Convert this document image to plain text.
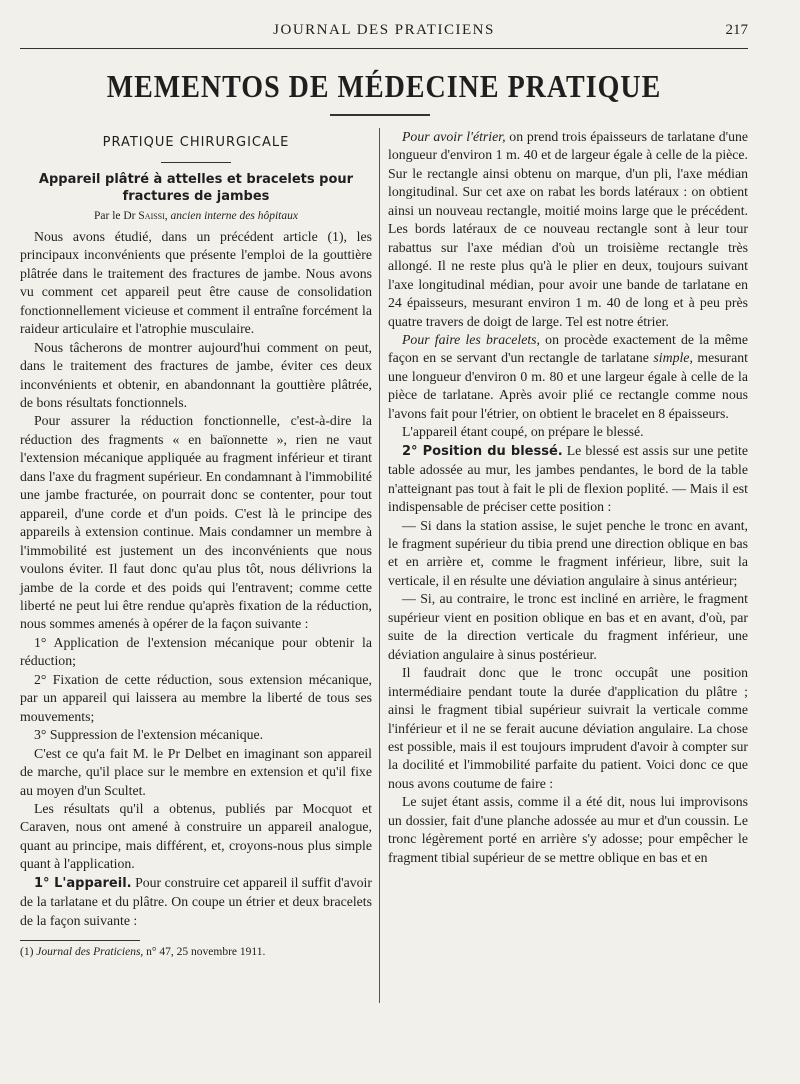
JOURNAL DES PRATICIENS	217
MEMENTOS DE MÉDECINE PRATIQUE
PRATIQUE CHIRURGICALE
Appareil plâtré à attelles et bracelets pour fractures de jambes
Par le Dr Saissi, ancien interne des hôpitaux

Nous avons étudié, dans un précédent article (1), les principaux inconvénients que présente l'emploi de la gouttière plâtrée dans le traitement des fractures de jambe. Nous avons vu comment cet appareil peut être cause de consolidation fonctionnellement vicieuse et comment il entraîne forcément la raideur articulaire et l'atrophie musculaire.

Nous tâcherons de montrer aujourd'hui comment on peut, dans le traitement des fractures de jambe, éviter ces deux inconvénients et obtenir, en abandonnant la gouttière plâtrée, de bons résultats fonctionnels.

Pour assurer la réduction fonctionnelle, c'est-à-dire la réduction des fragments « en baïonnette », rien ne vaut l'extension mécanique appliquée au fragment inférieur et tirant dans l'axe du fragment supérieur. En condamnant à l'immobilité une jambe fracturée, on pourrait donc se contenter, pour tout appareil, d'une corde et d'un poids. C'est là le principe des appareils à extension continue. Mais condamner un membre à l'immobilité est justement un des inconvénients que nous voulons éviter. Il faut donc qu'au plus tôt, nous délivrions la jambe de la corde et des poids qui l'entravent; comme cette liberté ne peut lui être rendue qu'après fixation de la réduction, nous sommes amenés à opérer de la façon suivante :

1° Application de l'extension mécanique pour obtenir la réduction;

2° Fixation de cette réduction, sous extension mécanique, par un appareil qui laissera au membre la liberté de tous ses mouvements;

3° Suppression de l'extension mécanique.

C'est ce qu'a fait M. le Pr Delbet en imaginant son appareil de marche, qu'il place sur le membre en extension et qu'il fixe au moyen d'un Scultet.

Les résultats qu'il a obtenus, publiés par Mocquot et Caraven, nous ont amené à construire un appareil analogue, quant au principe, mais différent, et, croyons-nous plus simple quant à l'application.

1° L'appareil. Pour construire cet appareil il suffit d'avoir de la tarlatane et du plâtre. On coupe un étrier et deux bracelets de la façon suivante :

(1) Journal des Praticiens, n° 47, 25 novembre 1911.

Pour avoir l'étrier, on prend trois épaisseurs de tarlatane d'une longueur d'environ 1 m. 40 et de largeur égale à celle de la pièce. Sur le rectangle ainsi obtenu on marque, d'un pli, l'axe médian longitudinal. Sur cet axe on rabat les bords latéraux : on obtient ainsi un nouveau rectangle, moitié moins large que le précédent. Les bords latéraux de ce nouveau rectangle sont à leur tour rabattus sur l'axe médian d'où un troisième rectangle très allongé. Il ne reste plus qu'à le plier en deux, toujours suivant l'axe longitudinal médian, pour avoir une bande de tarlatane en 24 épaisseurs, mesurant environ 1 m. 40 de long et à peu près quatre travers de doigt de large. Tel est notre étrier.

Pour faire les bracelets, on procède exactement de la même façon en se servant d'un rectangle de tarlatane simple, mesurant une longueur d'environ 0 m. 80 et une largeur égale à celle de la pièce de tarlatane. Après avoir plié ce rectangle comme nous l'avons fait pour l'étrier, on obtient le bracelet en 8 épaisseurs.

L'appareil étant coupé, on prépare le blessé.

2° Position du blessé. Le blessé est assis sur une petite table adossée au mur, les jambes pendantes, le bord de la table n'atteignant pas tout à fait le pli de flexion poplité. — Mais il est indispensable de préciser cette position :

— Si dans la station assise, le sujet penche le tronc en avant, le fragment supérieur du tibia prend une direction oblique en bas et en arrière et, comme le fragment inférieur, libre, suit la verticale, il en résulte une déviation angulaire à sinus antérieur;

— Si, au contraire, le tronc est incliné en arrière, le fragment supérieur vient en position oblique en bas et en avant, d'où, par suite de la direction verticale du fragment inférieur, une déviation angulaire à sinus postérieur.

Il faudrait donc que le tronc occupât une position intermédiaire pendant toute la durée d'application du plâtre ; ainsi le fragment tibial supérieur suivrait la verticale comme l'inférieur et il ne se ferait aucune déviation angulaire. La chose est possible, mais il est toujours imprudent d'avoir à compter sur la docilité et l'immobilité parfaite du patient. Voici donc ce que nous avons coutume de faire :

Le sujet étant assis, comme il a été dit, nous lui improvisons un dossier, fait d'une planche adossée au mur et d'un coussin. Le tronc légèrement porté en arrière s'y adosse; pour empêcher le fragment tibial supérieur de se mettre oblique en bas et en
